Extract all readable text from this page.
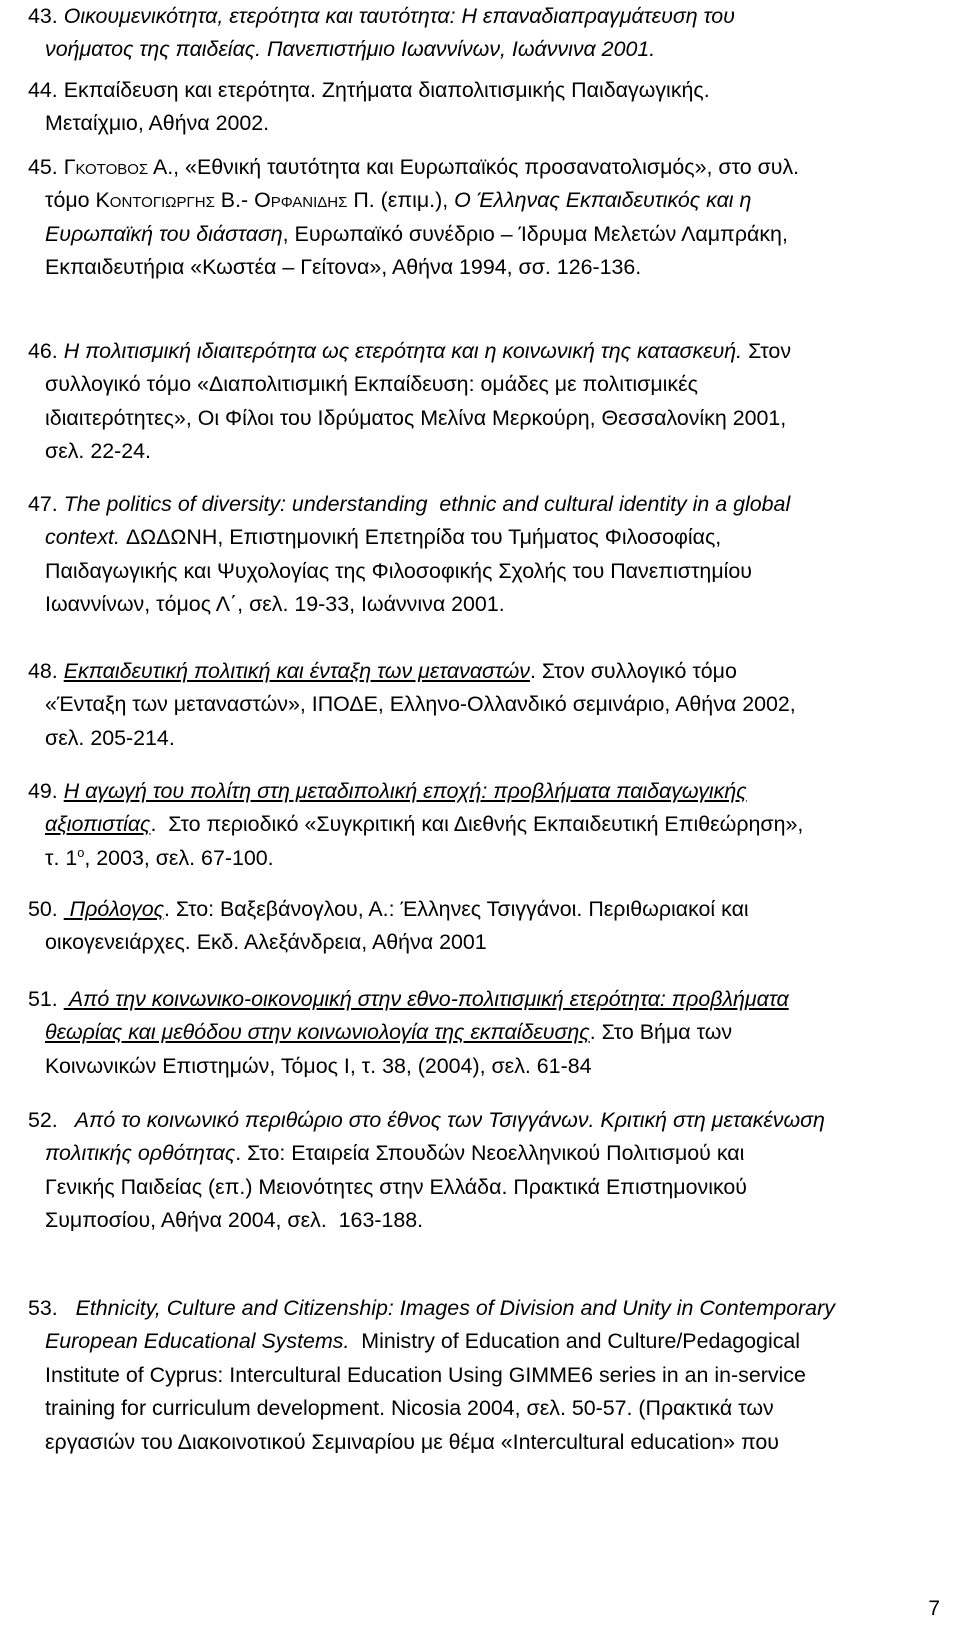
43. Οικουμενικότητα, ετερότητα και ταυτότητα: Η επαναδιαπραγμάτευση του
νοήματος της παιδείας. Πανεπιστήμιο Ιωαννίνων, Ιωάννινα 2001.
44. Εκπαίδευση και ετερότητα. Ζητήματα διαπολιτισμικής Παιδαγωγικής.
Μεταίχμιο, Αθήνα 2002.
45. Γκοτοβος Α., «Εθνική ταυτότητα και Ευρωπαϊκός προσανατολισμός», στο συλ.
τόμο Κοντογιωργης Β.- Ορφανιδης Π. (επιμ.), Ο Έλληνας Εκπαιδευτικός και η
Ευρωπαϊκή του διάσταση, Ευρωπαϊκό συνέδριο – Ίδρυμα Μελετών Λαμπράκη,
Εκπαιδευτήρια «Κωστέα – Γείτονα», Αθήνα 1994, σσ. 126-136.
46. Η πολιτισμική ιδιαιτερότητα ως ετερότητα και η κοινωνική της κατασκευή. Στον
συλλογικό τόμο «Διαπολιτισμική Εκπαίδευση: ομάδες με πολιτισμικές
ιδιαιτερότητες», Οι Φίλοι του Ιδρύματος Μελίνα Μερκούρη, Θεσσαλονίκη 2001,
σελ. 22-24.
47. The politics of diversity: understanding  ethnic and cultural identity in a global
context. ΔΩΔΩΝΗ, Επιστημονική Επετηρίδα του Τμήματος Φιλοσοφίας,
Παιδαγωγικής και Ψυχολογίας της Φιλοσοφικής Σχολής του Πανεπιστημίου
Ιωαννίνων, τόμος Λ΄, σελ. 19-33, Ιωάννινα 2001.
48. Εκπαιδευτική πολιτική και ένταξη των μεταναστών. Στον συλλογικό τόμο
«Ένταξη των μεταναστών», ΙΠΟΔΕ, Ελληνο-Ολλανδικό σεμινάριο, Αθήνα 2002,
σελ. 205-214.
49. Η αγωγή του πολίτη στη μεταδιπολική εποχή: προβλήματα παιδαγωγικής
αξιοπιστίας.  Στο περιοδικό «Συγκριτική και Διεθνής Εκπαιδευτική Επιθεώρηση»,
τ. $1^o$, 2003, σελ. 67-100.
50.  Πρόλογος. Στο: Βαξεβάνογλου, Α.: Έλληνες Τσιγγάνοι. Περιθωριακοί και
οικογενειάρχες. Εκδ. Αλεξάνδρεια, Αθήνα 2001
51.  Από την κοινωνικο-οικονομική στην εθνο-πολιτισμική ετερότητα: προβλήματα
θεωρίας και μεθόδου στην κοινωνιολογία της εκπαίδευσης. Στο Βήμα των
Κοινωνικών Επιστημών, Τόμος Ι, τ. 38, (2004), σελ. 61-84
52.   Από το κοινωνικό περιθώριο στο έθνος των Τσιγγάνων. Κριτική στη μετακένωση
πολιτικής ορθότητας. Στο: Εταιρεία Σπουδών Νεοελληνικού Πολιτισμού και
Γενικής Παιδείας (επ.) Μειονότητες στην Ελλάδα. Πρακτικά Επιστημονικού
Συμποσίου, Αθήνα 2004, σελ.  163-188.
53.   Ethnicity, Culture and Citizenship: Images of Division and Unity in Contemporary
European Educational Systems.  Ministry of Education and Culture/Pedagogical
Institute of Cyprus: Intercultural Education Using GIMME6 series in an in-service
training for curriculum development. Nicosia 2004, σελ. 50-57. (Πρακτικά των
εργασιών του Διακοινοτικού Σεμιναρίου με θέμα «Intercultural education» που
7
